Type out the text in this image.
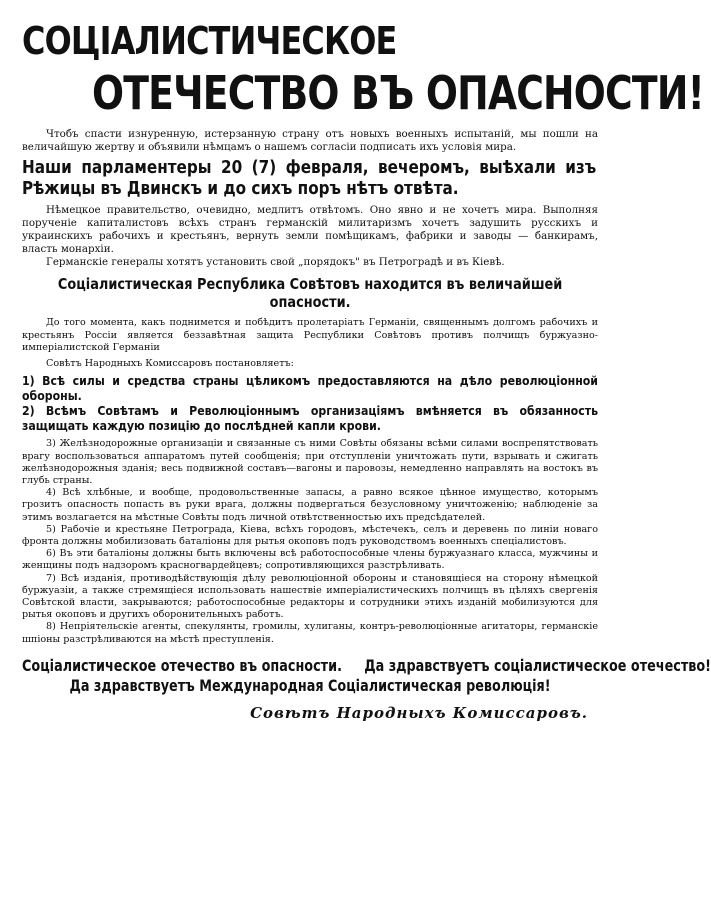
СОЦІАЛИСТИЧЕСКОЕ
ОТЕЧЕСТВО ВЪ ОПАСНОСТИ!

Чтобъ спасти изнуренную, истерзанную страну отъ новыхъ военныхъ испытаній, мы пошли на величайшую жертву и объявили нѣмцамъ о нашемъ согласіи подписать ихъ условія мира.

Наши парламентеры 20 (7) февраля, вечеромъ, выѣхали изъ Рѣжицы въ Двинскъ и до сихъ поръ нѣтъ отвѣта.

Нѣмецкое правительство, очевидно, медлитъ отвѣтомъ. Оно явно и не хочетъ мира. Выполняя порученіе капиталистовъ всѣхъ странъ германскій милитаризмъ хочетъ задушить русскихъ и украинскихъ рабочихъ и крестьянъ, вернуть земли помѣщикамъ, фабрики и заводы — банкирамъ, власть монархіи.

Германскіе генералы хотятъ установить свой „порядокъ" въ Петроградѣ и въ Кіевѣ.

Соціалистическая Республика Совѣтовъ находится въ величайшей опасности.

До того момента, какъ поднимется и побѣдитъ пролетаріатъ Германіи, священнымъ долгомъ рабочихъ и крестьянъ Россіи является беззавѣтная защита Республики Совѣтовъ противъ полчищъ буржуазно-имперіалистской Германіи

Совѣтъ Народныхъ Комиссаровъ постановляетъ:

1) Всѣ силы и средства страны цѣликомъ предоставляются на дѣло революціонной обороны.

2) Всѣмъ Совѣтамъ и Революціоннымъ организаціямъ вмѣняется въ обязанность защищать каждую позицію до послѣдней капли крови.

3) Желѣзнодорожные организаціи и связанные съ ними Совѣты обязаны всѣми силами воспрепятствовать врагу воспользоваться аппаратомъ путей сообщенія; при отступленіи уничтожать пути, взрывать и сжигать желѣзнодорожныя зданія; весь подвижной составъ—вагоны и паровозы, немедленно направлять на востокъ въ глубь страны.

4) Всѣ хлѣбные, и вообще, продовольственные запасы, а равно всякое цѣнное имущество, которымъ грозитъ опасность попасть въ руки врага, должны подвергаться безусловному уничтоженію; наблюденіе за этимъ возлагается на мѣстные Совѣты подъ личной отвѣтственностью ихъ предсѣдателей.

5) Рабочіе и крестьяне Петрограда, Кіева, всѣхъ городовъ, мѣстечекъ, селъ и деревень по линіи новаго фронта должны мобилизовать баталіоны для рытья окоповъ подъ руководствомъ военныхъ спеціалистовъ.

6) Въ эти баталіоны должны быть включены всѣ работоспособные члены буржуазнаго класса, мужчины и женщины подъ надзоромъ красногвардейцевъ; сопротивляющихся разстрѣливать.

7) Всѣ изданія, противодѣйствующія дѣлу революціонной обороны и становящіеся на сторону нѣмецкой буржуазіи, а также стремящіеся использовать нашествіе имперіалистическихъ полчищъ въ цѣляхъ свергенія Совѣтской власти, закрываются; работоспособные редакторы и сотрудники этихъ изданій мобилизуются для рытья окоповъ и другихъ оборонительныхъ работъ.

8) Непріятельскіе агенты, спекулянты, громилы, хулиганы, контръ-революціонные агитаторы, германскіе шпіоны разстрѣливаются на мѣстѣ преступленія.

Соціалистическое отечество въ опасности. Да здравствуетъ соціалистическое отечество!

Да здравствуетъ Международная Соціалистическая революція!

Совѣтъ Народныхъ Комиссаровъ.
